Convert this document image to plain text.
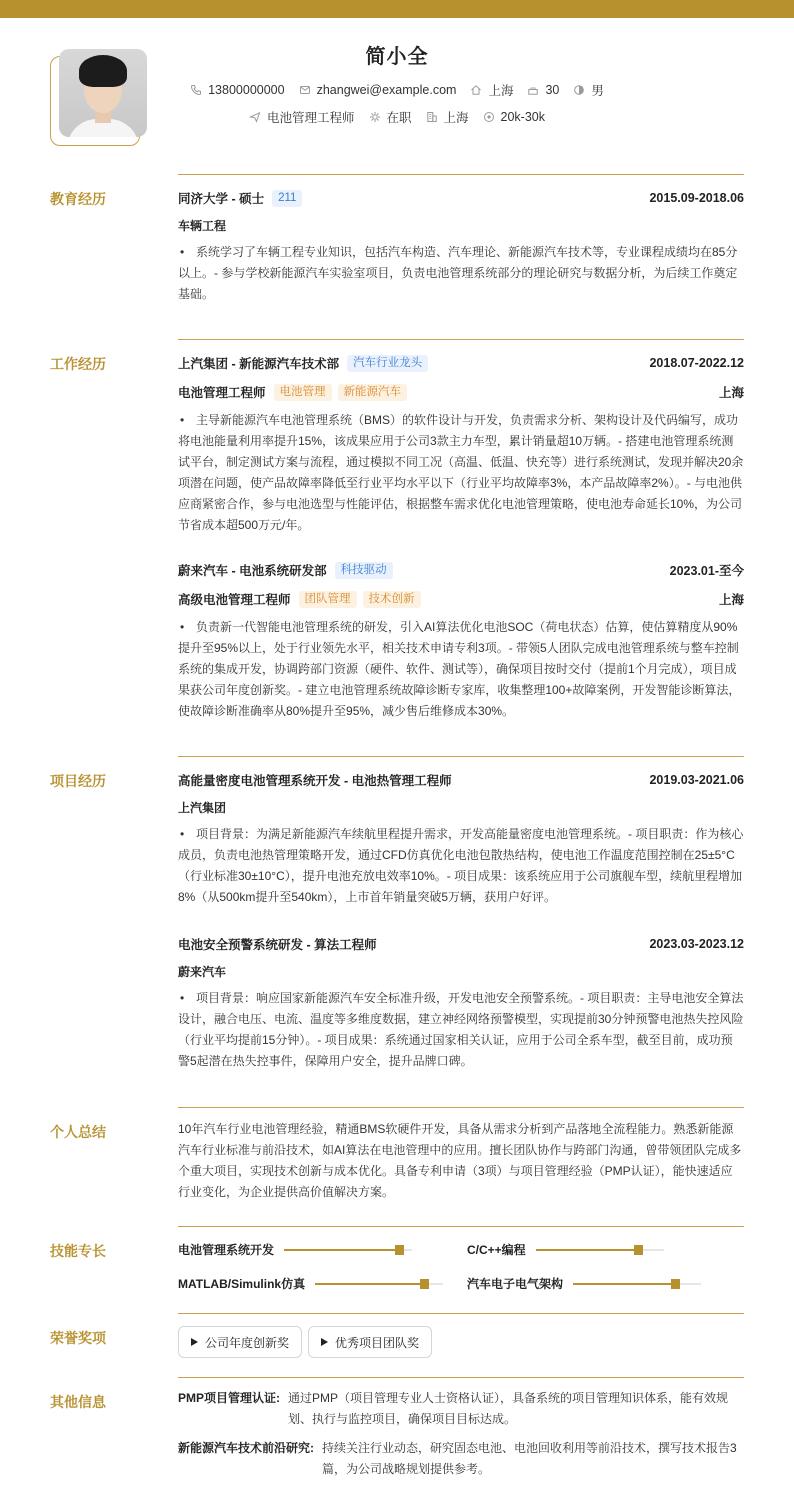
简小全
13800000000	zhangwei@example.com	上海	30	男
电池管理工程师	在职	上海	20k-30k
教育经历	同济大学 - 硕士	211	2015.09-2018.06
车辆工程
• 系统学习了车辆工程专业知识，包括汽车构造、汽车理论、新能源汽车技术等，专业课程成绩均在85分以上。- 参与学校新能源汽车实验室项目，负责电池管理系统部分的理论研究与数据分析，为后续工作奠定基础。
工作经历	上汽集团 - 新能源汽车技术部	汽车行业龙头	2018.07-2022.12
电池管理工程师	电池管理	新能源汽车	上海
• 主导新能源汽车电池管理系统（BMS）的软件设计与开发，负责需求分析、架构设计及代码编写，成功将电池能量利用率提升15%，该成果应用于公司3款主力车型，累计销量超10万辆。- 搭建电池管理系统测试平台，制定测试方案与流程，通过模拟不同工况（高温、低温、快充等）进行系统测试，发现并解决20余项潜在问题，使产品故障率降低至行业平均水平以下（行业平均故障率3%，本产品故障率2%）。- 与电池供应商紧密合作，参与电池选型与性能评估，根据整车需求优化电池管理策略，使电池寿命延长10%，为公司节省成本超500万元/年。
蔚来汽车 - 电池系统研发部	科技驱动	2023.01-至今
高级电池管理工程师	团队管理	技术创新	上海
• 负责新一代智能电池管理系统的研发，引入AI算法优化电池SOC（荷电状态）估算，使估算精度从90%提升至95%以上，处于行业领先水平，相关技术申请专利3项。- 带领5人团队完成电池管理系统与整车控制系统的集成开发，协调跨部门资源（硬件、软件、测试等），确保项目按时交付（提前1个月完成），项目成果获公司年度创新奖。- 建立电池管理系统故障诊断专家库，收集整理100+故障案例，开发智能诊断算法，使故障诊断准确率从80%提升至95%，减少售后维修成本30%。
项目经历	高能量密度电池管理系统开发 - 电池热管理工程师	2019.03-2021.06
上汽集团
• 项目背景：为满足新能源汽车续航里程提升需求，开发高能量密度电池管理系统。- 项目职责：作为核心成员，负责电池热管理策略开发，通过CFD仿真优化电池包散热结构，使电池工作温度范围控制在25±5°C（行业标准30±10°C），提升电池充放电效率10%。- 项目成果：该系统应用于公司旗舰车型，续航里程增加8%（从500km提升至540km），上市首年销量突破5万辆，获用户好评。
电池安全预警系统研发 - 算法工程师	2023.03-2023.12
蔚来汽车
• 项目背景：响应国家新能源汽车安全标准升级，开发电池安全预警系统。- 项目职责：主导电池安全算法设计，融合电压、电流、温度等多维度数据，建立神经网络预警模型，实现提前30分钟预警电池热失控风险（行业平均提前15分钟）。- 项目成果：系统通过国家相关认证，应用于公司全系车型，截至目前，成功预警5起潜在热失控事件，保障用户安全，提升品牌口碑。
个人总结	10年汽车行业电池管理经验，精通BMS软硬件开发，具备从需求分析到产品落地全流程能力。熟悉新能源汽车行业标准与前沿技术，如AI算法在电池管理中的应用。擅长团队协作与跨部门沟通，曾带领团队完成多个重大项目，实现技术创新与成本优化。具备专利申请（3项）与项目管理经验（PMP认证），能快速适应行业变化，为企业提供高价值解决方案。
技能专长	电池管理系统开发	C/C++编程
MATLAB/Simulink仿真	汽车电子电气架构
荣誉奖项	公司年度创新奖	优秀项目团队奖
其他信息	PMP项目管理认证: 通过PMP（项目管理专业人士资格认证），具备系统的项目管理知识体系，能有效规划、执行与监控项目，确保项目目标达成。
新能源汽车技术前沿研究: 持续关注行业动态，研究固态电池、电池回收利用等前沿技术，撰写技术报告3篇，为公司战略规划提供参考。
